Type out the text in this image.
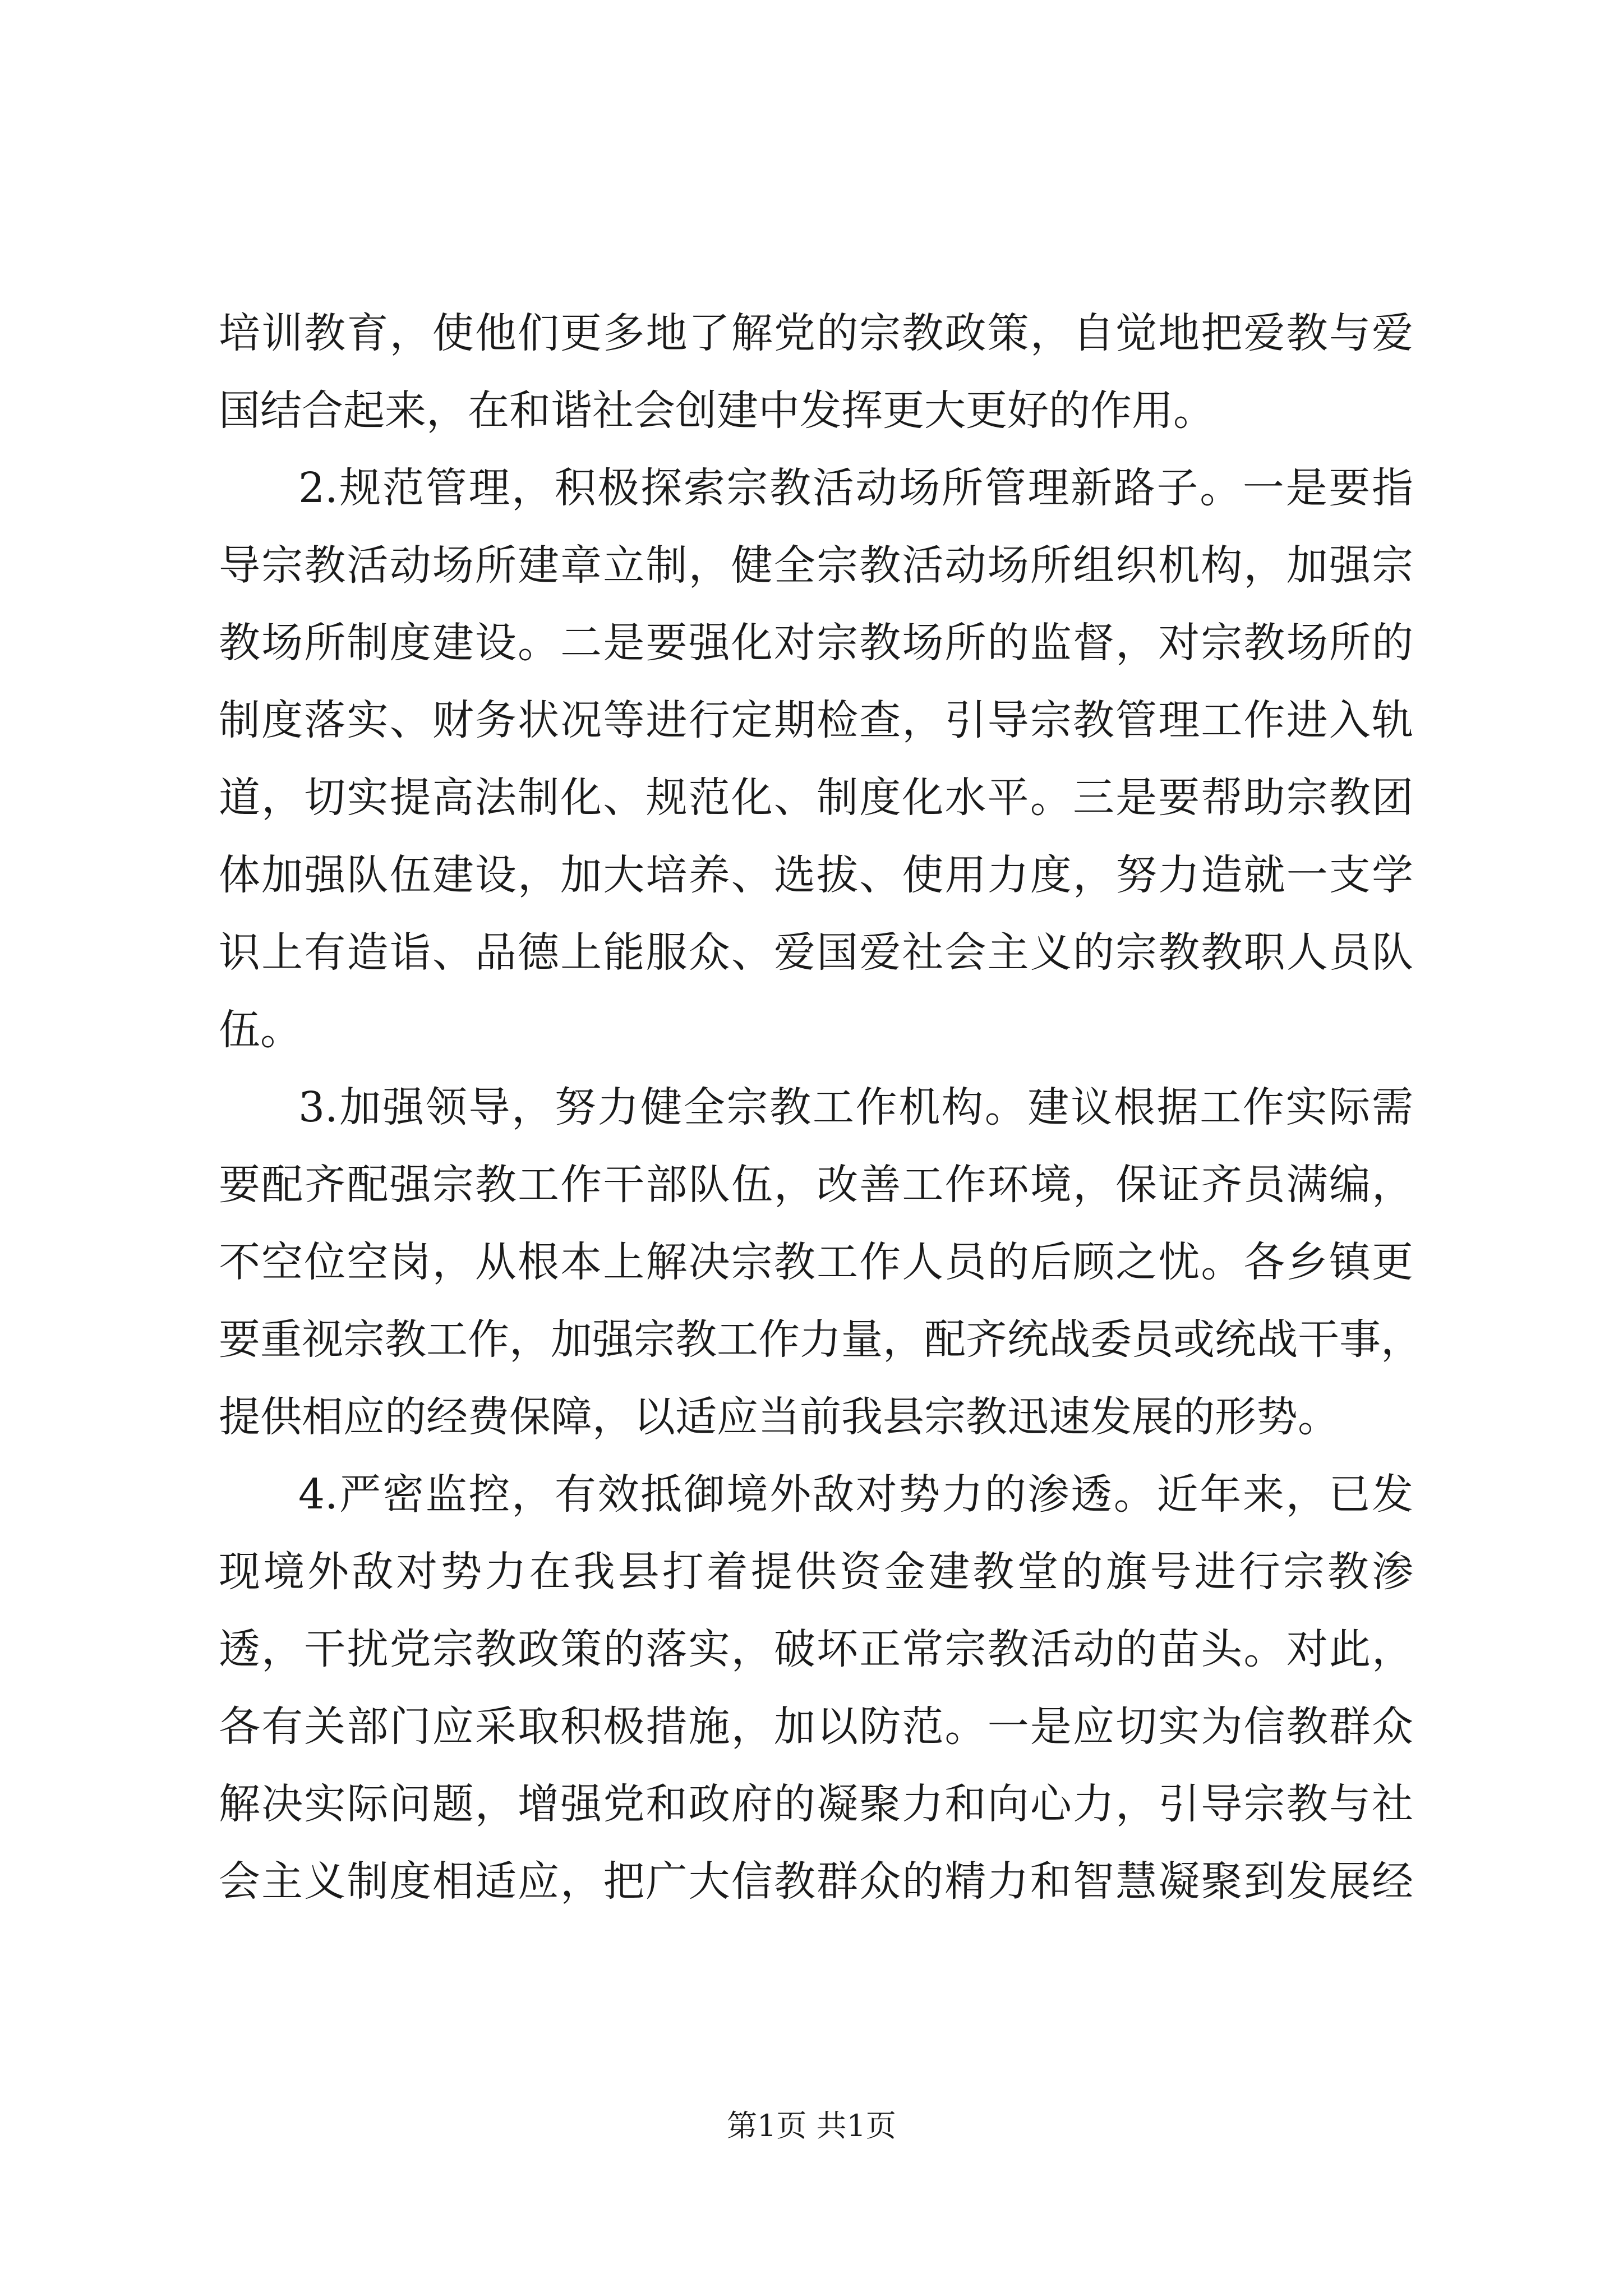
培训教育，使他们更多地了解党的宗教政策，自觉地把爱教与爱
国结合起来，在和谐社会创建中发挥更大更好的作用。
2.规范管理，积极探索宗教活动场所管理新路子。一是要指
导宗教活动场所建章立制，健全宗教活动场所组织机构，加强宗
教场所制度建设。二是要强化对宗教场所的监督，对宗教场所的
制度落实、财务状况等进行定期检查，引导宗教管理工作进入轨
道，切实提高法制化、规范化、制度化水平。三是要帮助宗教团
体加强队伍建设，加大培养、选拔、使用力度，努力造就一支学
识上有造诣、品德上能服众、爱国爱社会主义的宗教教职人员队
伍。
3.加强领导，努力健全宗教工作机构。建议根据工作实际需
要配齐配强宗教工作干部队伍，改善工作环境，保证齐员满编，
不空位空岗，从根本上解决宗教工作人员的后顾之忧。各乡镇更
要重视宗教工作，加强宗教工作力量，配齐统战委员或统战干事，
提供相应的经费保障，以适应当前我县宗教迅速发展的形势。
4.严密监控，有效抵御境外敌对势力的渗透。近年来，已发
现境外敌对势力在我县打着提供资金建教堂的旗号进行宗教渗
透，干扰党宗教政策的落实，破坏正常宗教活动的苗头。对此，
各有关部门应采取积极措施，加以防范。一是应切实为信教群众
解决实际问题，增强党和政府的凝聚力和向心力，引导宗教与社
会主义制度相适应，把广大信教群众的精力和智慧凝聚到发展经
第1页 共1页
